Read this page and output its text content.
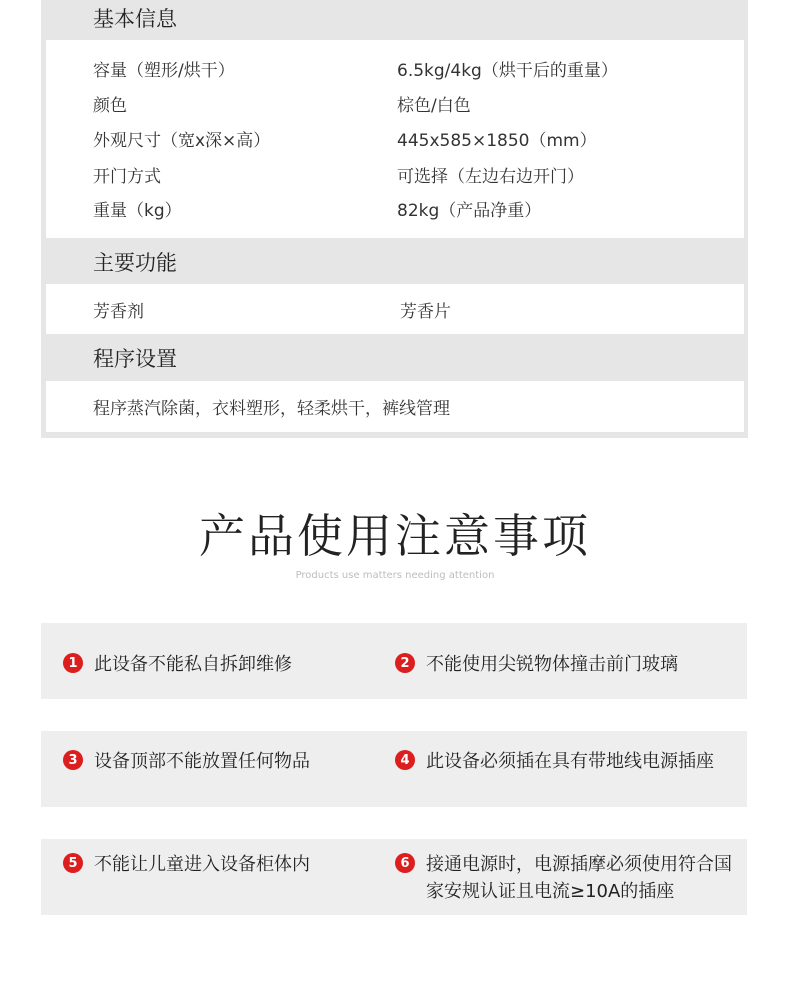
基本信息
容量（塑形/烘干）	6.5kg/4kg（烘干后的重量）
颜色	棕色/白色
外观尺寸（宽x深×高）	445x585×1850（mm）
开门方式	可选择（左边右边开门）
重量（kg）	82kg（产品净重）
主要功能
芳香剂	芳香片
程序设置
程序蒸汽除菌，衣料塑形，轻柔烘干，裤线管理
产品使用注意事项
Products use matters needing attention
1 此设备不能私自拆卸维修	2 不能使用尖锐物体撞击前门玻璃
3 设备顶部不能放置任何物品	4 此设备必须插在具有带地线电源插座
5 不能让儿童进入设备柜体内	6 接通电源时，电源插摩必须使用符合国家安规认证且电流≥10A的插座
